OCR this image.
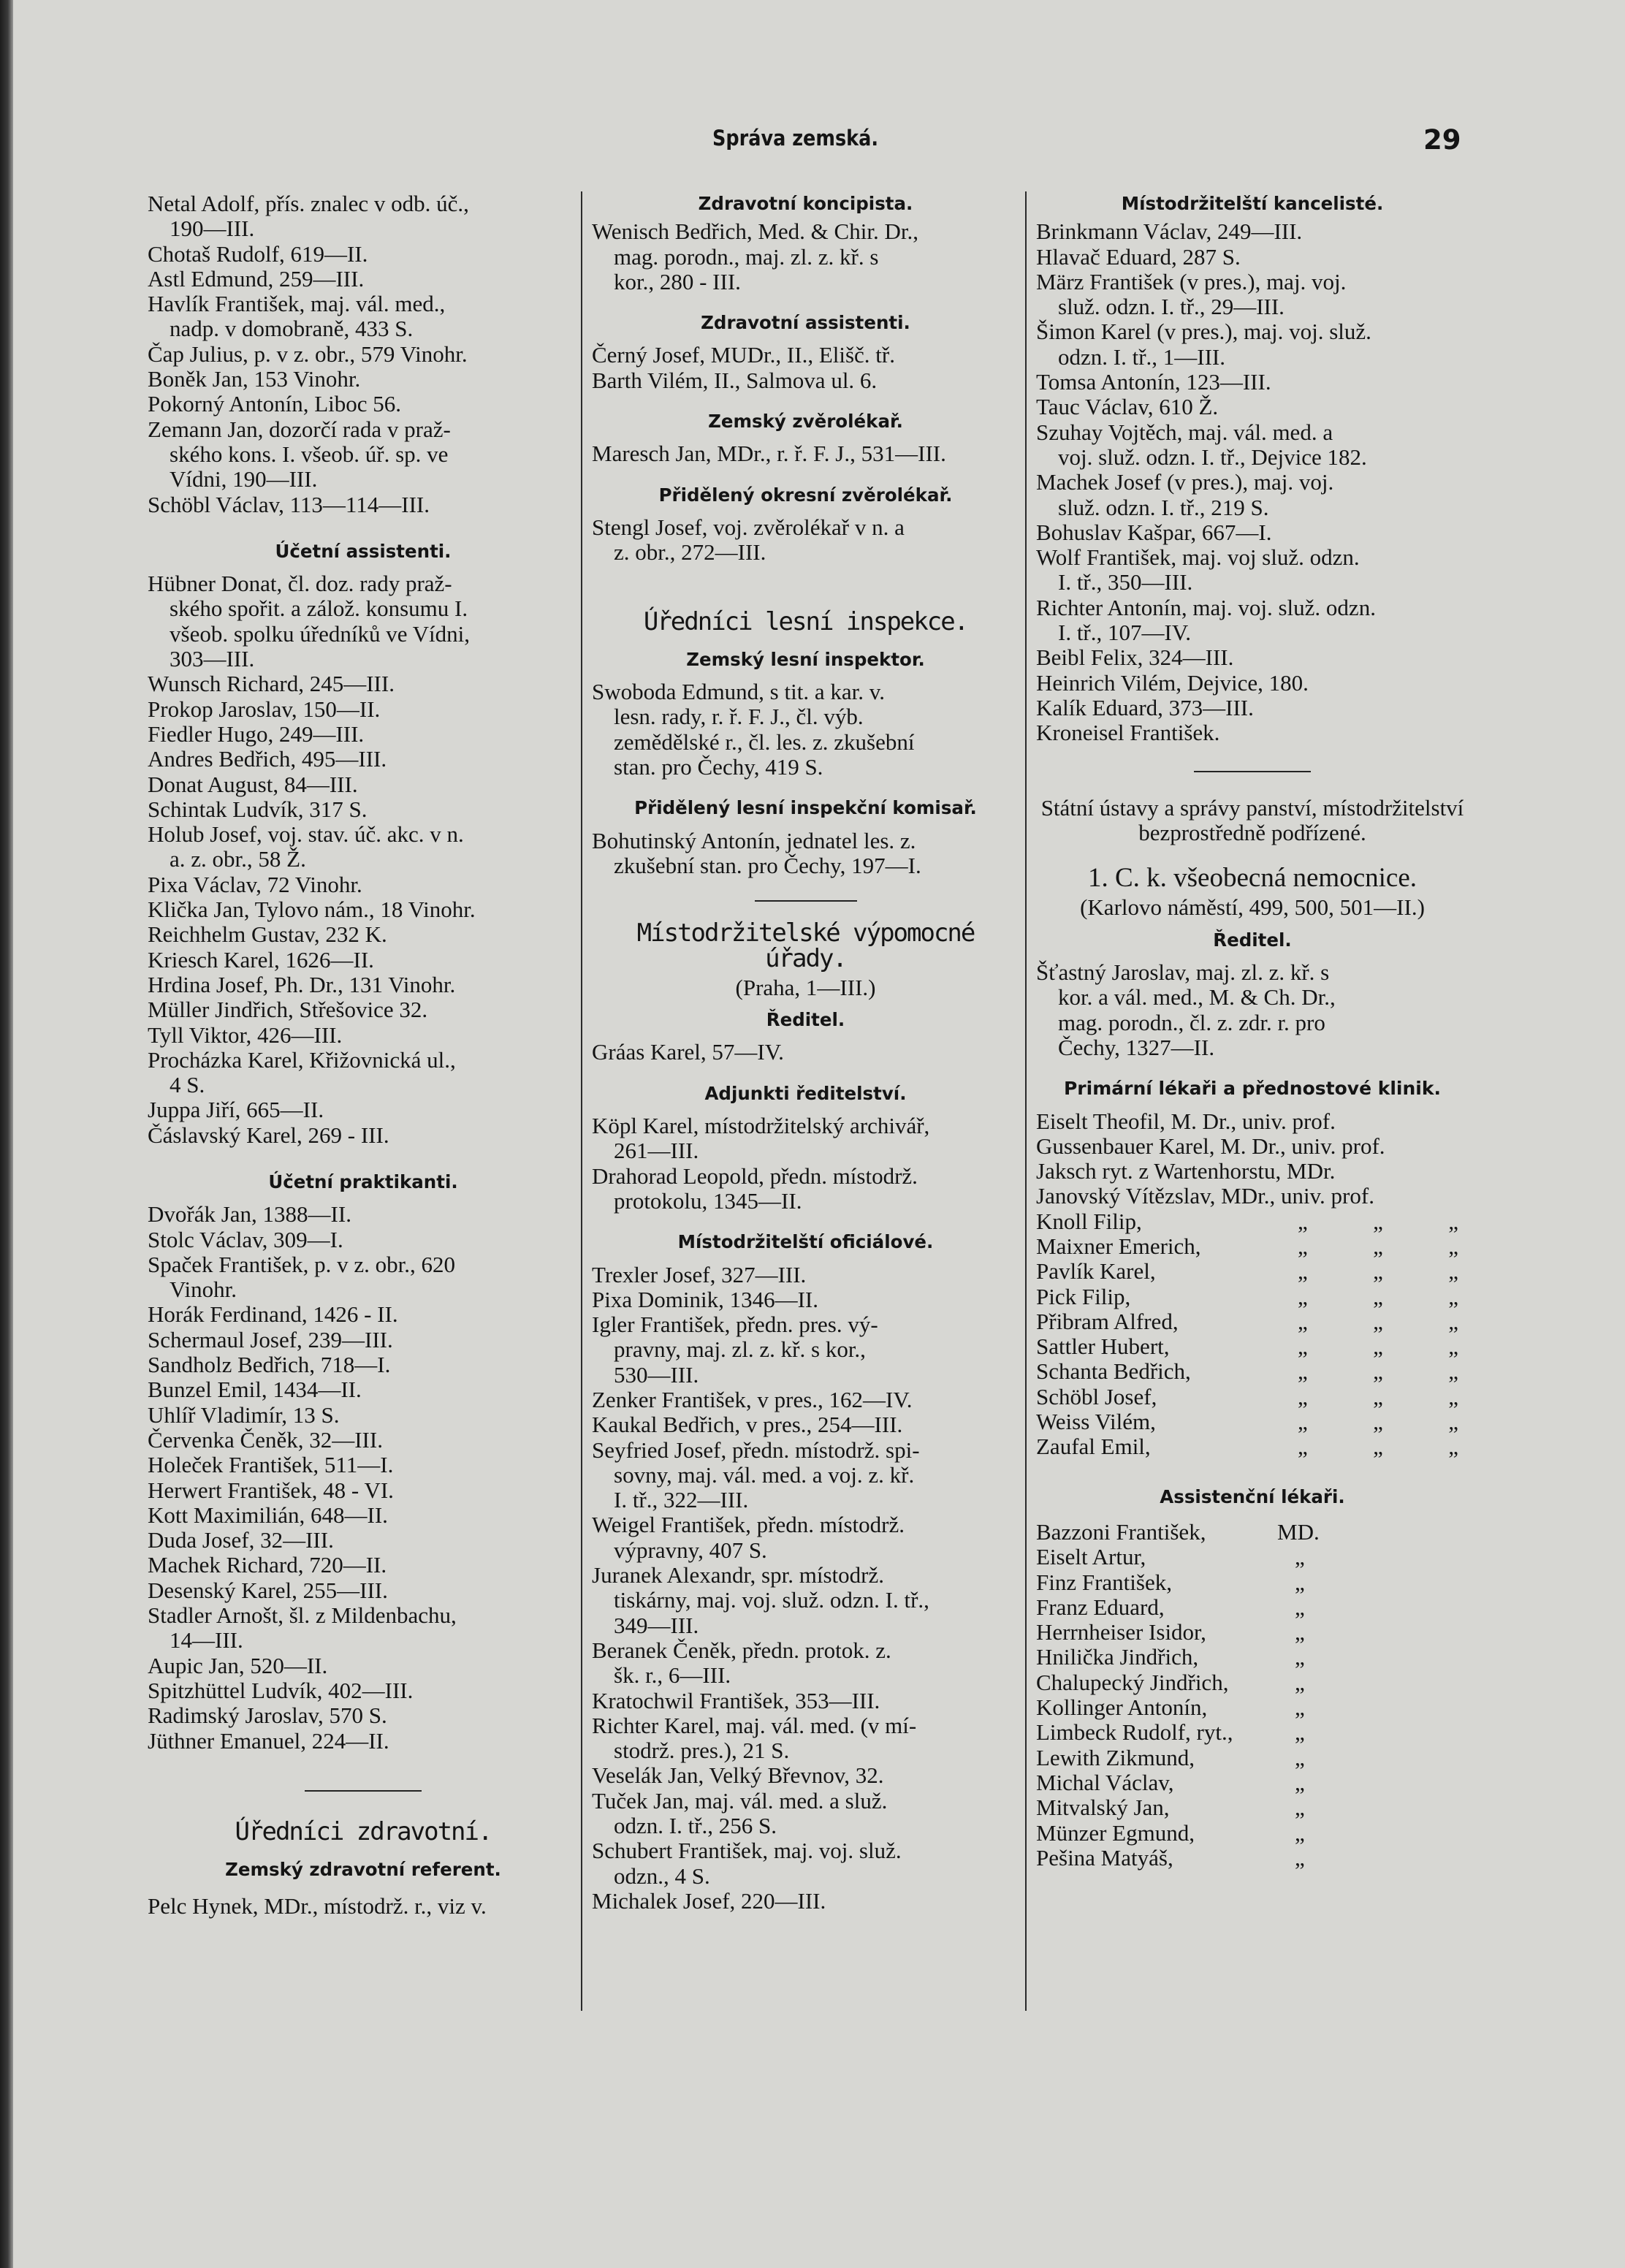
Správa zemská.	29
Netal Adolf, přís. znalec v odb. úč.,
190—III.
Chotaš Rudolf, 619—II.
Astl Edmund, 259—III.
Havlík František, maj. vál. med.,
nadp. v domobraně, 433 S.
Čap Julius, p. v z. obr., 579 Vinohr.
Boněk Jan, 153 Vinohr.
Pokorný Antonín, Liboc 56.
Zemann Jan, dozorčí rada v praž-
ského kons. I. všeob. úř. sp. ve
Vídni, 190—III.
Schöbl Václav, 113—114—III.
Účetní assistenti.
Hübner Donat, čl. doz. rady praž-
ského spořit. a zálož. konsumu I.
všeob. spolku úředníků ve Vídni,
303—III.
Wunsch Richard, 245—III.
Prokop Jaroslav, 150—II.
Fiedler Hugo, 249—III.
Andres Bedřich, 495—III.
Donat August, 84—III.
Schintak Ludvík, 317 S.
Holub Josef, voj. stav. úč. akc. v n.
a. z. obr., 58 Ž.
Pixa Václav, 72 Vinohr.
Klička Jan, Tylovo nám., 18 Vinohr.
Reichhelm Gustav, 232 K.
Kriesch Karel, 1626—II.
Hrdina Josef, Ph. Dr., 131 Vinohr.
Müller Jindřich, Střešovice 32.
Tyll Viktor, 426—III.
Procházka Karel, Křižovnická ul.,
4 S.
Juppa Jiří, 665—II.
Čáslavský Karel, 269 - III.
Účetní praktikanti.
Dvořák Jan, 1388—II.
Stolc Václav, 309—I.
Spaček František, p. v z. obr., 620
Vinohr.
Horák Ferdinand, 1426 - II.
Schermaul Josef, 239—III.
Sandholz Bedřich, 718—I.
Bunzel Emil, 1434—II.
Uhlíř Vladimír, 13 S.
Červenka Čeněk, 32—III.
Holeček František, 511—I.
Herwert František, 48 - VI.
Kott Maximilián, 648—II.
Duda Josef, 32—III.
Machek Richard, 720—II.
Desenský Karel, 255—III.
Stadler Arnošt, šl. z Mildenbachu,
14—III.
Aupic Jan, 520—II.
Spitzhüttel Ludvík, 402—III.
Radimský Jaroslav, 570 S.
Jüthner Emanuel, 224—II.
Úředníci zdravotní.
Zemský zdravotní referent.
Pelc Hynek, MDr., místodrž. r., viz v.
Zdravotní koncipista.
Wenisch Bedřich, Med. & Chir. Dr.,
mag. porodn., maj. zl. z. kř. s
kor., 280 - III.
Zdravotní assistenti.
Černý Josef, MUDr., II., Elišč. tř.
Barth Vilém, II., Salmova ul. 6.
Zemský zvěrolékař.
Maresch Jan, MDr., r. ř. F. J., 531—III.
Přidělený okresní zvěrolékař.
Stengl Josef, voj. zvěrolékař v n. a
z. obr., 272—III.
Úředníci lesní inspekce.
Zemský lesní inspektor.
Swoboda Edmund, s tit. a kar. v.
lesn. rady, r. ř. F. J., čl. výb.
zemědělské r., čl. les. z. zkušební
stan. pro Čechy, 419 S.
Přidělený lesní inspekční komisař.
Bohutinský Antonín, jednatel les. z.
zkušební stan. pro Čechy, 197—I.
Místodržitelské výpomocné úřady.
(Praha, 1—III.)
Ředitel.
Gráas Karel, 57—IV.
Adjunkti ředitelství.
Köpl Karel, místodržitelský archivář,
261—III.
Drahorad Leopold, předn. místodrž.
protokolu, 1345—II.
Místodržitelští oficiálové.
Trexler Josef, 327—III.
Pixa Dominik, 1346—II.
Igler František, předn. pres. vý-
pravny, maj. zl. z. kř. s kor.,
530—III.
Zenker František, v pres., 162—IV.
Kaukal Bedřich, v pres., 254—III.
Seyfried Josef, předn. místodrž. spi-
sovny, maj. vál. med. a voj. z. kř.
I. tř., 322—III.
Weigel František, předn. místodrž.
výpravny, 407 S.
Juranek Alexandr, spr. místodrž.
tiskárny, maj. voj. služ. odzn. I. tř.,
349—III.
Beranek Čeněk, předn. protok. z.
šk. r., 6—III.
Kratochwil František, 353—III.
Richter Karel, maj. vál. med. (v mí-
stodrž. pres.), 21 S.
Veselák Jan, Velký Břevnov, 32.
Tuček Jan, maj. vál. med. a služ.
odzn. I. tř., 256 S.
Schubert František, maj. voj. služ.
odzn., 4 S.
Michalek Josef, 220—III.
Místodržitelští kancelisté.
Brinkmann Václav, 249—III.
Hlavač Eduard, 287 S.
März František (v pres.), maj. voj.
služ. odzn. I. tř., 29—III.
Šimon Karel (v pres.), maj. voj. služ.
odzn. I. tř., 1—III.
Tomsa Antonín, 123—III.
Tauc Václav, 610 Ž.
Szuhay Vojtěch, maj. vál. med. a
voj. služ. odzn. I. tř., Dejvice 182.
Machek Josef (v pres.), maj. voj.
služ. odzn. I. tř., 219 S.
Bohuslav Kašpar, 667—I.
Wolf František, maj. voj služ. odzn.
I. tř., 350—III.
Richter Antonín, maj. voj. služ. odzn.
I. tř., 107—IV.
Beibl Felix, 324—III.
Heinrich Vilém, Dejvice, 180.
Kalík Eduard, 373—III.
Kroneisel František.
Státní ústavy a správy panství, místodržitelství bezprostředně podřízené.
1. C. k. všeobecná nemocnice.
(Karlovo náměstí, 499, 500, 501—II.)
Ředitel.
Šťastný Jaroslav, maj. zl. z. kř. s
kor. a vál. med., M. & Ch. Dr.,
mag. porodn., čl. z. zdr. r. pro
Čechy, 1327—II.
Primární lékaři a přednostové klinik.
Eiselt Theofil, M. Dr., univ. prof.
Gussenbauer Karel, M. Dr., univ. prof.
Jaksch ryt. z Wartenhorstu, MDr.
Janovský Vítězslav, MDr., univ. prof.
Knoll Filip,	„	„	„
Maixner Emerich,	„	„	„
Pavlík Karel,	„	„	„
Pick Filip,	„	„	„
Přibram Alfred,	„	„	„
Sattler Hubert,	„	„	„
Schanta Bedřich,	„	„	„
Schöbl Josef,	„	„	„
Weiss Vilém,	„	„	„
Zaufal Emil,	„	„	„
Assistenční lékaři.
Bazzoni František,	MD.
Eiselt Artur,	„
Finz František,	„
Franz Eduard,	„
Herrnheiser Isidor,	„
Hnilička Jindřich,	„
Chalupecký Jindřich,	„
Kollinger Antonín,	„
Limbeck Rudolf, ryt.,	„
Lewith Zikmund,	„
Michal Václav,	„
Mitvalský Jan,	„
Münzer Egmund,	„
Pešina Matyáš,	„
